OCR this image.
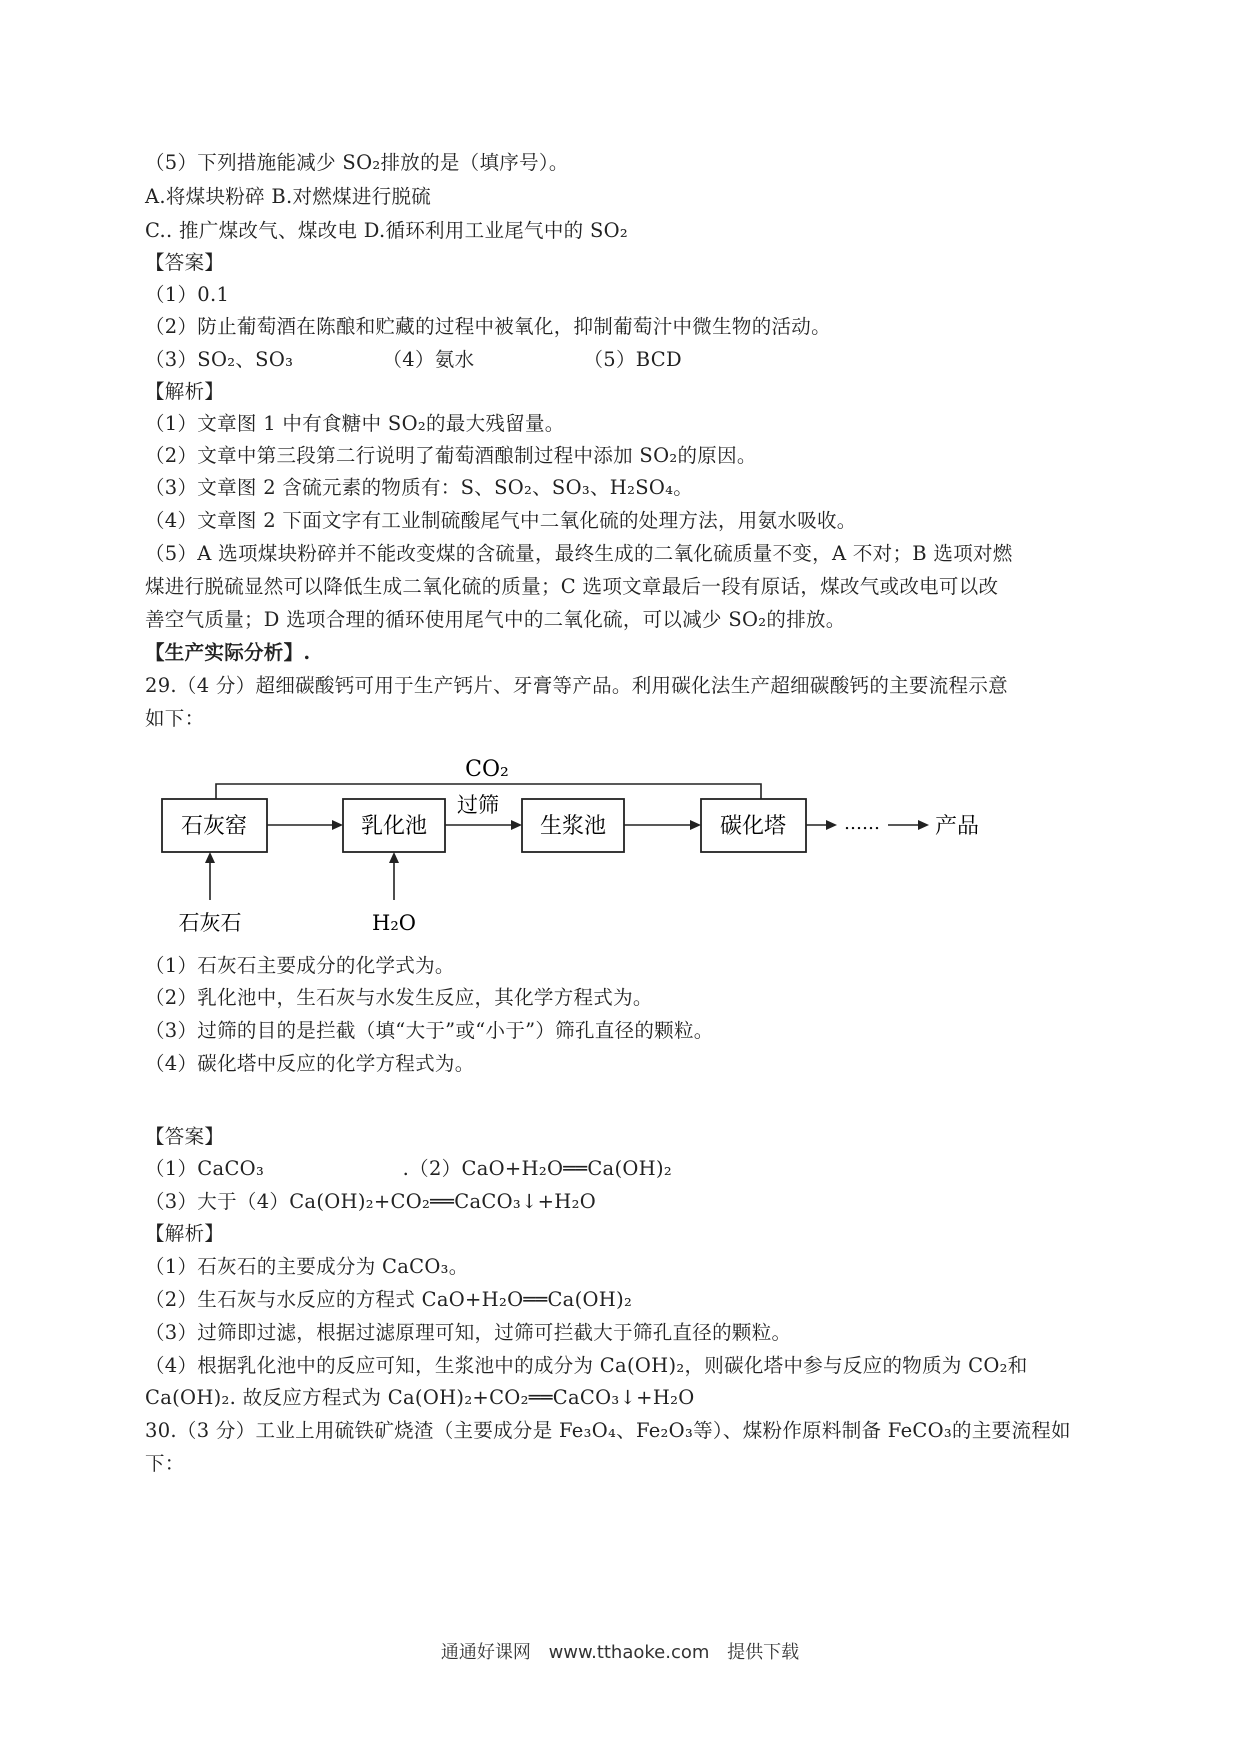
（5）下列措施能减少 SO₂排放的是（填序号）。
A.将煤块粉碎 B.对燃煤进行脱硫
C.. 推广煤改气、煤改电 D.循环利用工业尾气中的 SO₂
【答案】
（1）0.1
（2）防止葡萄酒在陈酿和贮藏的过程中被氧化，抑制葡萄汁中微生物的活动。
（3）SO₂、SO₃　　　　　（4）氨水　　　　　　（5）BCD
【解析】
（1）文章图 1 中有食糖中 SO₂的最大残留量。
（2）文章中第三段第二行说明了葡萄酒酿制过程中添加 SO₂的原因。
（3）文章图 2 含硫元素的物质有：S、SO₂、SO₃、H₂SO₄。
（4）文章图 2 下面文字有工业制硫酸尾气中二氧化硫的处理方法，用氨水吸收。
（5）A 选项煤块粉碎并不能改变煤的含硫量，最终生成的二氧化硫质量不变，A 不对；B 选项对燃
煤进行脱硫显然可以降低生成二氧化硫的质量；C 选项文章最后一段有原话，煤改气或改电可以改
善空气质量；D 选项合理的循环使用尾气中的二氧化硫，可以减少 SO₂的排放。
【生产实际分析】.
29.（4 分）超细碳酸钙可用于生产钙片、牙膏等产品。利用碳化法生产超细碳酸钙的主要流程示意
如下：
CO₂
石灰窑	乳化池	生浆池	碳化塔
过筛
……	产品
石灰石	H₂O
（1）石灰石主要成分的化学式为。
（2）乳化池中，生石灰与水发生反应，其化学方程式为。
（3）过筛的目的是拦截（填“大于”或“小于”）筛孔直径的颗粒。
（4）碳化塔中反应的化学方程式为。
【答案】
（1）CaCO₃　　　　　　　.（2）CaO+H₂O══Ca(OH)₂
（3）大于（4）Ca(OH)₂+CO₂══CaCO₃↓+H₂O
【解析】
（1）石灰石的主要成分为 CaCO₃。
（2）生石灰与水反应的方程式 CaO+H₂O══Ca(OH)₂
（3）过筛即过滤，根据过滤原理可知，过筛可拦截大于筛孔直径的颗粒。
（4）根据乳化池中的反应可知，生浆池中的成分为 Ca(OH)₂，则碳化塔中参与反应的物质为 CO₂和
Ca(OH)₂. 故反应方程式为 Ca(OH)₂+CO₂══CaCO₃↓+H₂O
30.（3 分）工业上用硫铁矿烧渣（主要成分是 Fe₃O₄、Fe₂O₃等）、煤粉作原料制备 FeCO₃的主要流程如
下：
通通好课网 www.tthaoke.com 提供下载
